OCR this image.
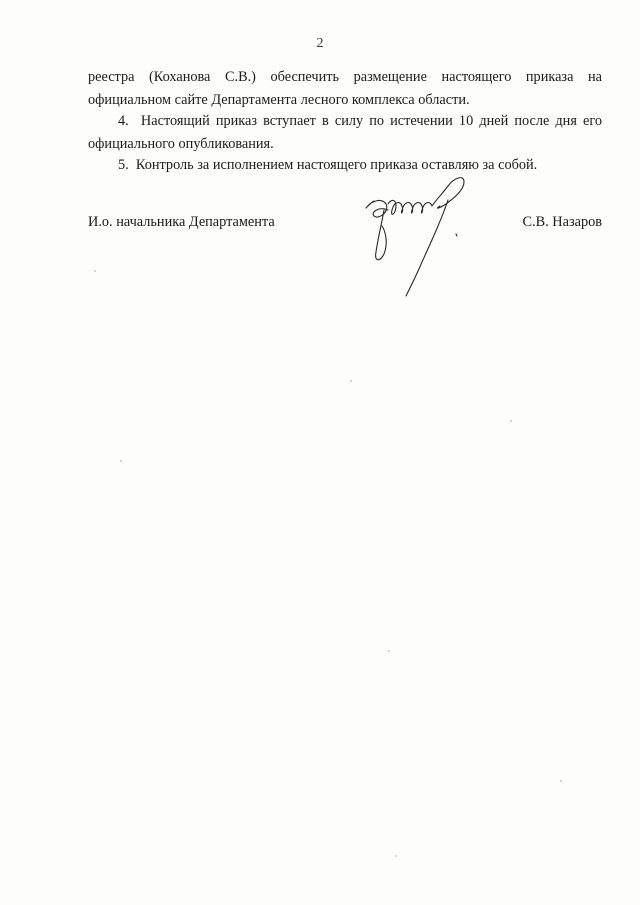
2
реестра (Коханова С.В.) обеспечить размещение настоящего приказа на
официальном сайте Департамента лесного комплекса области.
4. Настоящий приказ вступает в силу по истечении 10 дней после дня его
официального опубликования.
5. Контроль за исполнением настоящего приказа оставляю за собой.
И.о. начальника Департамента	С.В. Назаров
